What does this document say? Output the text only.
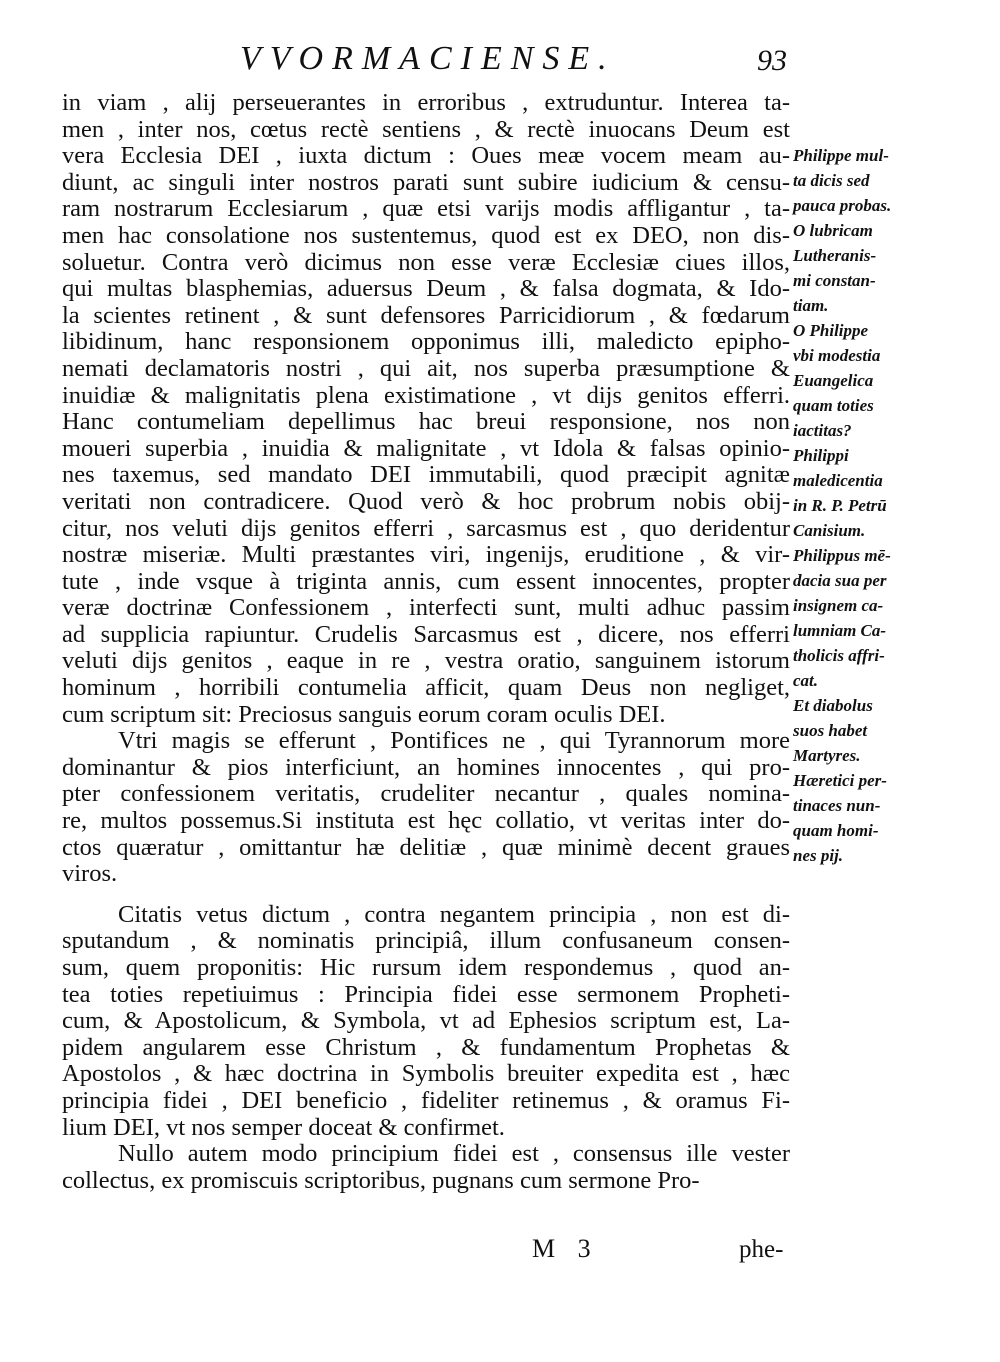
VVORMACIENSE.	93
in viam , alij perseuerantes in erroribus , extruduntur. Interea ta-
men , inter nos, cœtus rectè sentiens , & rectè inuocans Deum est
vera Ecclesia DEI , iuxta dictum : Oues meæ vocem meam au-
diunt, ac singuli inter nostros parati sunt subire iudicium & censu-
ram nostrarum Ecclesiarum , quæ etsi varijs modis affligantur , ta-
men hac consolatione nos sustentemus, quod est ex DEO, non dis-
soluetur. Contra verò dicimus non esse veræ Ecclesiæ ciues illos,
qui multas blasphemias, aduersus Deum , & falsa dogmata, & Ido-
la scientes retinent , & sunt defensores Parricidiorum , & fœdarum
libidinum, hanc responsionem opponimus illi, maledicto epipho-
nemati declamatoris nostri , qui ait, nos superba præsumptione &
inuidiæ & malignitatis plena existimatione , vt dijs genitos efferri.
Hanc contumeliam depellimus hac breui responsione, nos non
moueri superbia , inuidia & malignitate , vt Idola & falsas opinio-
nes taxemus, sed mandato DEI immutabili, quod præcipit agnitæ
veritati non contradicere. Quod verò & hoc probrum nobis obij-
citur, nos veluti dijs genitos efferri , sarcasmus est , quo deridentur
nostræ miseriæ. Multi præstantes viri, ingenijs, eruditione , & vir-
tute , inde vsque à triginta annis, cum essent innocentes, propter
veræ doctrinæ Confessionem , interfecti sunt, multi adhuc passim
ad supplicia rapiuntur. Crudelis Sarcasmus est , dicere, nos efferri
veluti dijs genitos , eaque in re , vestra oratio, sanguinem istorum
hominum , horribili contumelia afficit, quam Deus non negliget,
cum scriptum sit: Preciosus sanguis eorum coram oculis DEI.
Vtri magis se efferunt , Pontifices ne , qui Tyrannorum more
dominantur & pios interficiunt, an homines innocentes , qui pro-
pter confessionem veritatis, crudeliter necantur , quales nomina-
re, multos possemus.Si instituta est hęc collatio, vt veritas inter do-
ctos quæratur , omittantur hæ delitiæ , quæ minimè decent graues
viros.
Citatis vetus dictum , contra negantem principia , non est di-
sputandum , & nominatis principiâ, illum confusaneum consen-
sum, quem proponitis: Hic rursum idem respondemus , quod an-
tea toties repetiuimus : Principia fidei esse sermonem Propheti-
cum, & Apostolicum, & Symbola, vt ad Ephesios scriptum est, La-
pidem angularem esse Christum , & fundamentum Prophetas &
Apostolos , & hæc doctrina in Symbolis breuiter expedita est , hæc
principia fidei , DEI beneficio , fideliter retinemus , & oramus Fi-
lium DEI, vt nos semper doceat & confirmet.
Nullo autem modo principium fidei est , consensus ille vester
collectus, ex promiscuis scriptoribus, pugnans cum sermone Pro-
Philippe mul-
ta dicis sed
pauca probas.
O lubricam
Lutheranis-
mi constan-
tiam.
O Philippe
vbi modestia
Euangelica
quam toties
iactitas?
Philippi
maledicentia
in R. P. Petrū
Canisium.
Philippus mē-
dacia sua per
insignem ca-
lumniam Ca-
tholicis affri-
cat.
Et diabolus
suos habet
Martyres.
Hæretici per-
tinaces nun-
quam homi-
nes pij.
M 3	phe-
